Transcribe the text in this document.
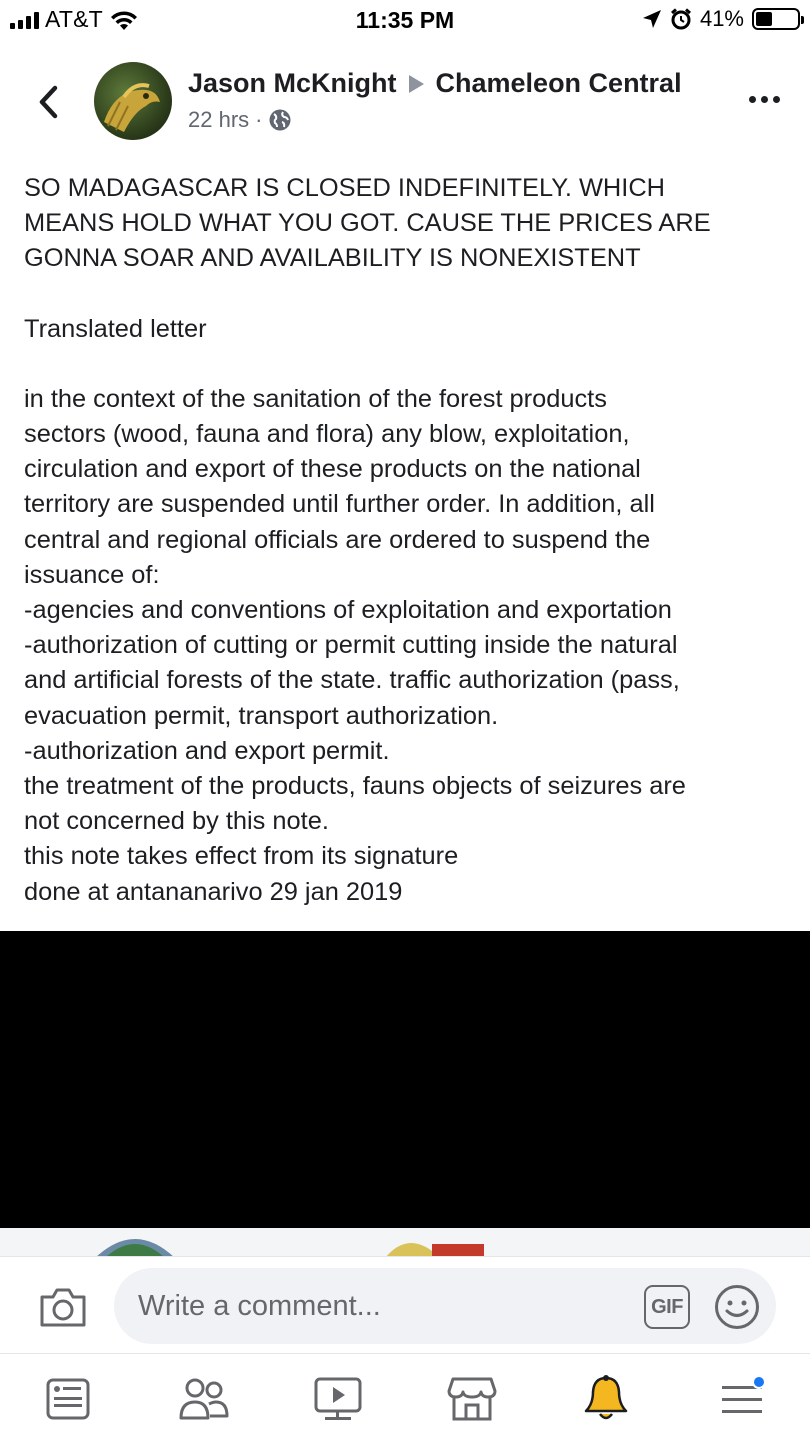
AT&T	11:35 PM	41%
Jason McKnight Chameleon Central
22 hrs ·

SO MADAGASCAR IS CLOSED INDEFINITELY. WHICH
MEANS HOLD WHAT YOU GOT. CAUSE THE PRICES ARE
GONNA SOAR AND AVAILABILITY IS NONEXISTENT

Translated letter

in the context of the sanitation of the forest products
sectors (wood, fauna and flora) any blow, exploitation,
circulation and export of these products on the national
territory are suspended until further order. In addition, all
central and regional officials are ordered to suspend the
issuance of:
-agencies and conventions of exploitation and exportation
-authorization of cutting or permit cutting inside the natural
and artificial forests of the state. traffic authorization (pass,
evacuation permit, transport authorization.
-authorization and export permit.
the treatment of the products, fauns objects of seizures are
not concerned by this note.
this note takes effect from its signature
done at antananarivo 29 jan 2019

Write a comment...	GIF
